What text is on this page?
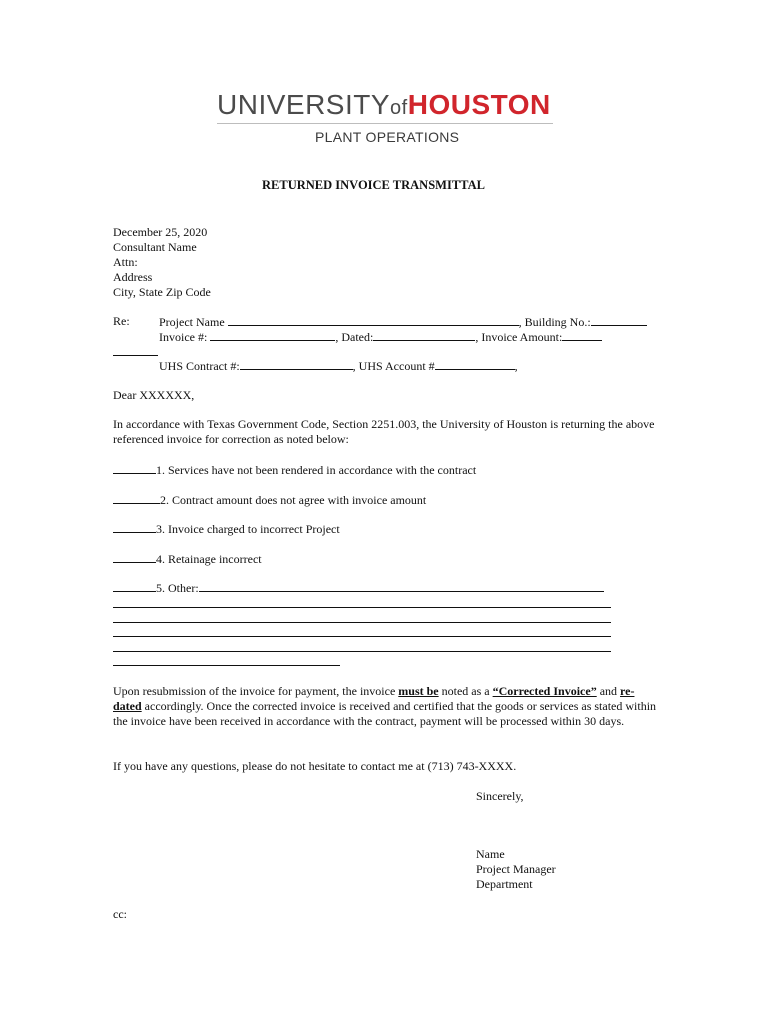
UNIVERSITYofHOUSTON
PLANT OPERATIONS
RETURNED INVOICE TRANSMITTAL
December 25, 2020
Consultant Name
Attn:
Address
City, State Zip Code
Re: Project Name	, Building No.:
Invoice #:	, Dated:	, Invoice Amount:
UHS Contract #:	, UHS Account #	,
Dear XXXXXX,
In accordance with Texas Government Code, Section 2251.003, the University of Houston is returning the above referenced invoice for correction as noted below:
1. Services have not been rendered in accordance with the contract
2. Contract amount does not agree with invoice amount
3. Invoice charged to incorrect Project
4. Retainage incorrect
5. Other:
Upon resubmission of the invoice for payment, the invoice must be noted as a “Corrected Invoice” and re-dated accordingly. Once the corrected invoice is received and certified that the goods or services as stated within the invoice have been received in accordance with the contract, payment will be processed within 30 days.
If you have any questions, please do not hesitate to contact me at (713) 743-XXXX.
Sincerely,
Name
Project Manager
Department
cc:
